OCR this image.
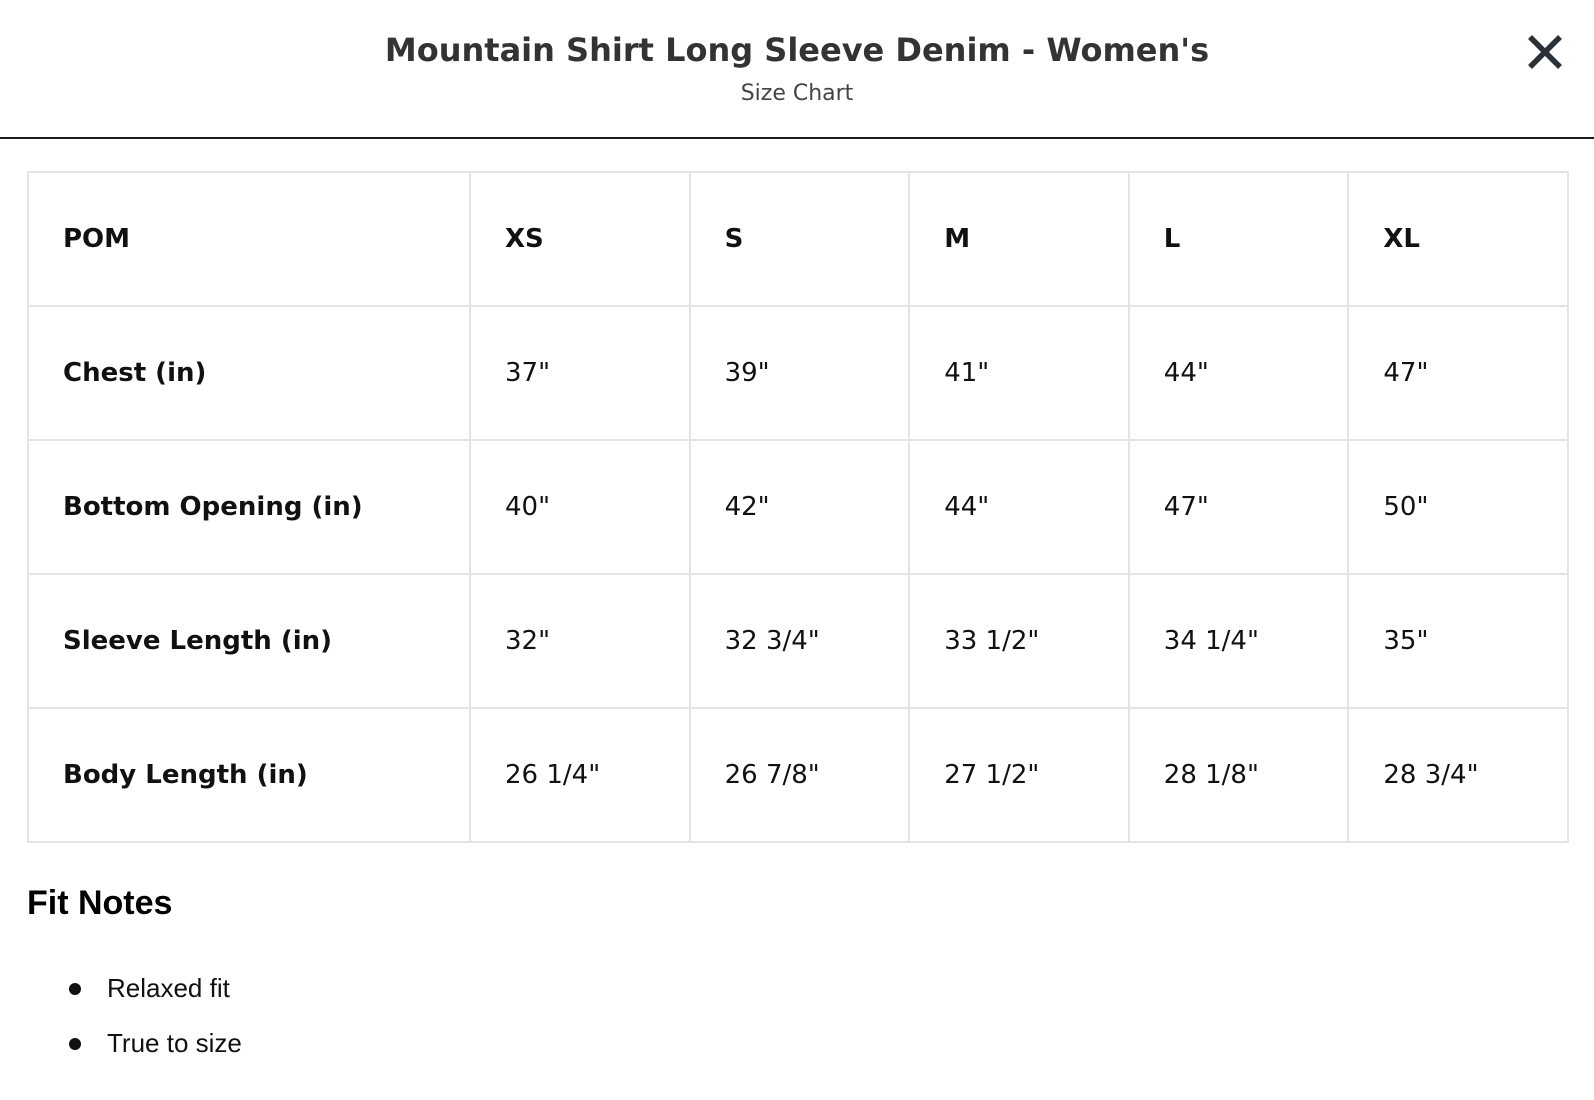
Mountain Shirt Long Sleeve Denim - Women's
Size Chart
POM	XS	S	M	L	XL
Chest (in)	37"	39"	41"	44"	47"
Bottom Opening (in)	40"	42"	44"	47"	50"
Sleeve Length (in)	32"	32 3/4"	33 1/2"	34 1/4"	35"
Body Length (in)	26 1/4"	26 7/8"	27 1/2"	28 1/8"	28 3/4"
Fit Notes
Relaxed fit
True to size
